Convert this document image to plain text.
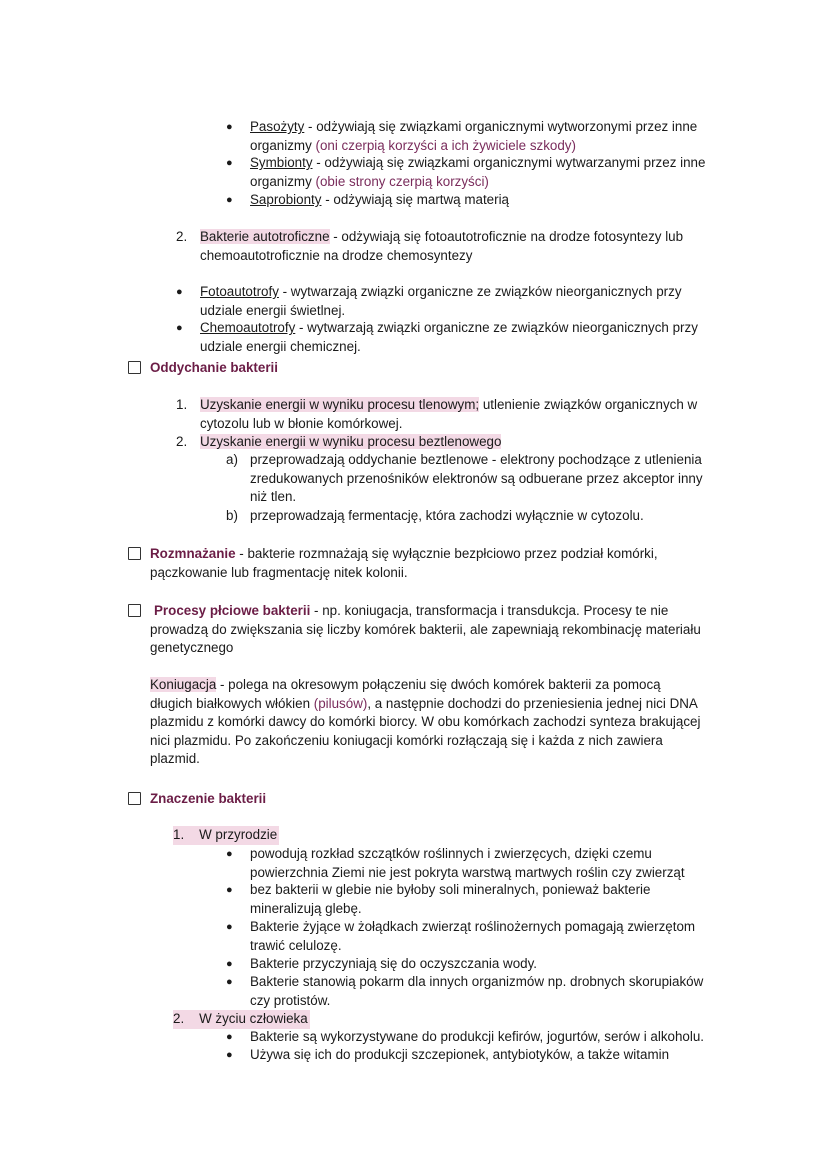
● Pasożyty - odżywiają się związkami organicznymi wytworzonymi przez inne
organizmy (oni czerpią korzyści a ich żywiciele szkody)
● Symbionty - odżywiają się związkami organicznymi wytwarzanymi przez inne
organizmy (obie strony czerpią korzyści)
● Saprobionty - odżywiają się martwą materią
2. Bakterie autotroficzne - odżywiają się fotoautotroficznie na drodze fotosyntezy lub
chemoautotroficznie na drodze chemosyntezy
● Fotoautotrofy - wytwarzają związki organiczne ze związków nieorganicznych przy
udziale energii świetlnej.
● Chemoautotrofy - wytwarzają związki organiczne ze związków nieorganicznych przy
udziale energii chemicznej.
Oddychanie bakterii
1. Uzyskanie energii w wyniku procesu tlenowym; utlenienie związków organicznych w
cytozolu lub w błonie komórkowej.
2. Uzyskanie energii w wyniku procesu beztlenowego
a) przeprowadzają oddychanie beztlenowe - elektrony pochodzące z utlenienia
zredukowanych przenośników elektronów są odbuerane przez akceptor inny
niż tlen.
b) przeprowadzają fermentację, która zachodzi wyłącznie w cytozolu.
Rozmnażanie - bakterie rozmnażają się wyłącznie bezpłciowo przez podział komórki,
pączkowanie lub fragmentację nitek kolonii.
Procesy płciowe bakterii - np. koniugacja, transformacja i transdukcja. Procesy te nie
prowadzą do zwiększania się liczby komórek bakterii, ale zapewniają rekombinację materiału
genetycznego
Koniugacja - polega na okresowym połączeniu się dwóch komórek bakterii za pomocą
długich białkowych włókien (pilusów), a następnie dochodzi do przeniesienia jednej nici DNA
plazmidu z komórki dawcy do komórki biorcy. W obu komórkach zachodzi synteza brakującej
nici plazmidu. Po zakończeniu koniugacji komórki rozłączają się i każda z nich zawiera
plazmid.
Znaczenie bakterii
1. W przyrodzie
● powodują rozkład szczątków roślinnych i zwierzęcych, dzięki czemu
powierzchnia Ziemi nie jest pokryta warstwą martwych roślin czy zwierząt
● bez bakterii w glebie nie byłoby soli mineralnych, ponieważ bakterie
mineralizują glebę.
● Bakterie żyjące w żołądkach zwierząt roślinożernych pomagają zwierzętom
trawić celulozę.
● Bakterie przyczyniają się do oczyszczania wody.
● Bakterie stanowią pokarm dla innych organizmów np. drobnych skorupiaków
czy protistów.
2. W życiu człowieka
● Bakterie są wykorzystywane do produkcji kefirów, jogurtów, serów i alkoholu.
● Używa się ich do produkcji szczepionek, antybiotyków, a także witamin
